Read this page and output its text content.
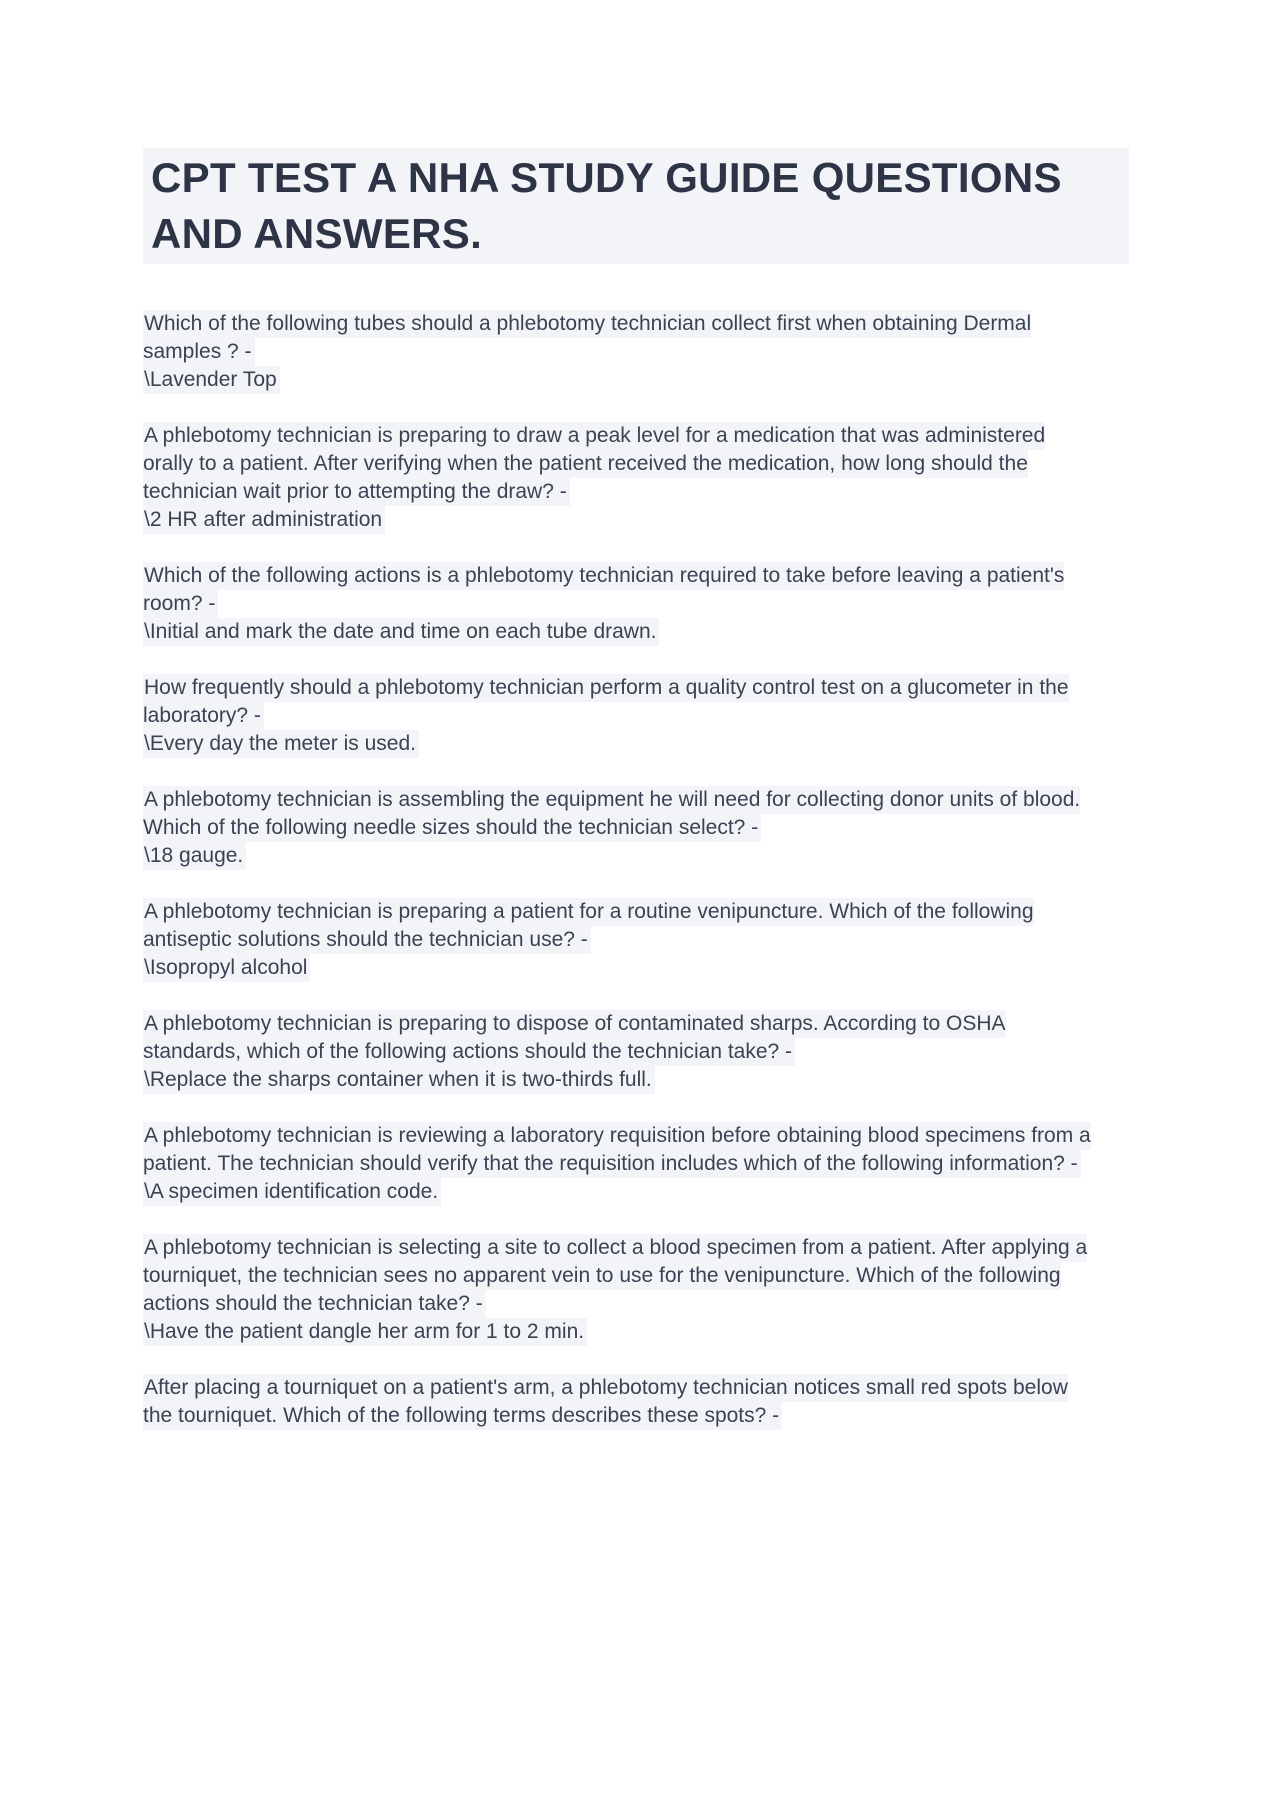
CPT TEST A NHA STUDY GUIDE QUESTIONS AND ANSWERS.

Which of the following tubes should a phlebotomy technician collect first when obtaining Dermal samples ? -
\Lavender Top

A phlebotomy technician is preparing to draw a peak level for a medication that was administered orally to a patient. After verifying when the patient received the medication, how long should the technician wait prior to attempting the draw? -
\2 HR after administration

Which of the following actions is a phlebotomy technician required to take before leaving a patient's room? -
\Initial and mark the date and time on each tube drawn.

How frequently should a phlebotomy technician perform a quality control test on a glucometer in the laboratory? -
\Every day the meter is used.

A phlebotomy technician is assembling the equipment he will need for collecting donor units of blood. Which of the following needle sizes should the technician select? -
\18 gauge.

A phlebotomy technician is preparing a patient for a routine venipuncture. Which of the following antiseptic solutions should the technician use? -
\Isopropyl alcohol

A phlebotomy technician is preparing to dispose of contaminated sharps. According to OSHA standards, which of the following actions should the technician take? -
\Replace the sharps container when it is two-thirds full.

A phlebotomy technician is reviewing a laboratory requisition before obtaining blood specimens from a patient. The technician should verify that the requisition includes which of the following information? -
\A specimen identification code.

A phlebotomy technician is selecting a site to collect a blood specimen from a patient. After applying a tourniquet, the technician sees no apparent vein to use for the venipuncture. Which of the following actions should the technician take? -
\Have the patient dangle her arm for 1 to 2 min.

After placing a tourniquet on a patient's arm, a phlebotomy technician notices small red spots below the tourniquet. Which of the following terms describes these spots? -
